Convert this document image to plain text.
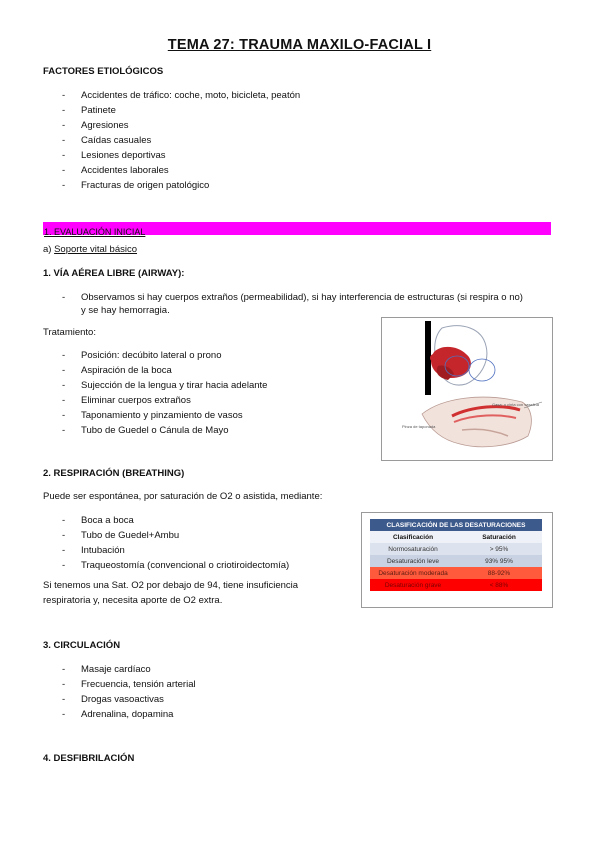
TEMA 27: TRAUMA MAXILO-FACIAL I
FACTORES ETIOLÓGICOS
- Accidentes de tráfico: coche, moto, bicicleta, peatón
- Patinete
- Agresiones
- Caídas casuales
- Lesiones deportivas
- Accidentes laborales
- Fracturas de origen patológico
1. EVALUACIÓN INICIAL
a) Soporte vital básico
1. VÍA AÉREA LIBRE (AIRWAY):
- Observamos si hay cuerpos extraños (permeabilidad), si hay interferencia de estructuras (si respira o no)
y se hay hemorragia.
Tratamiento:
- Posición: decúbito lateral o prono
- Aspiración de la boca
- Sujección de la lengua y tirar hacia adelante
- Eliminar cuerpos extraños
- Taponamiento y pinzamiento de vasos
- Tubo de Guedel o Cánula de Mayo
Gasa: o cinta con vaselina
Pinza de taponada
2. RESPIRACIÓN (BREATHING)
Puede ser espontánea, por saturación de O2 o asistida, mediante:
- Boca a boca
- Tubo de Guedel+Ambu
- Intubación
- Traqueostomía (convencional o criotiroidectomía)
Si tenemos una Sat. O2 por debajo de 94, tiene insuficiencia
respiratoria y, necesita aporte de O2 extra.
CLASIFICACIÓN DE LAS DESATURACIONES	
Clasificación	Saturación
Normosaturación	> 95%
Desaturación leve	93% 95%
Desaturación moderada	88-92%
Desaturación grave	< 88%
3. CIRCULACIÓN
- Masaje cardíaco
- Frecuencia, tensión arterial
- Drogas vasoactivas
- Adrenalina, dopamina
4. DESFIBRILACIÓN
